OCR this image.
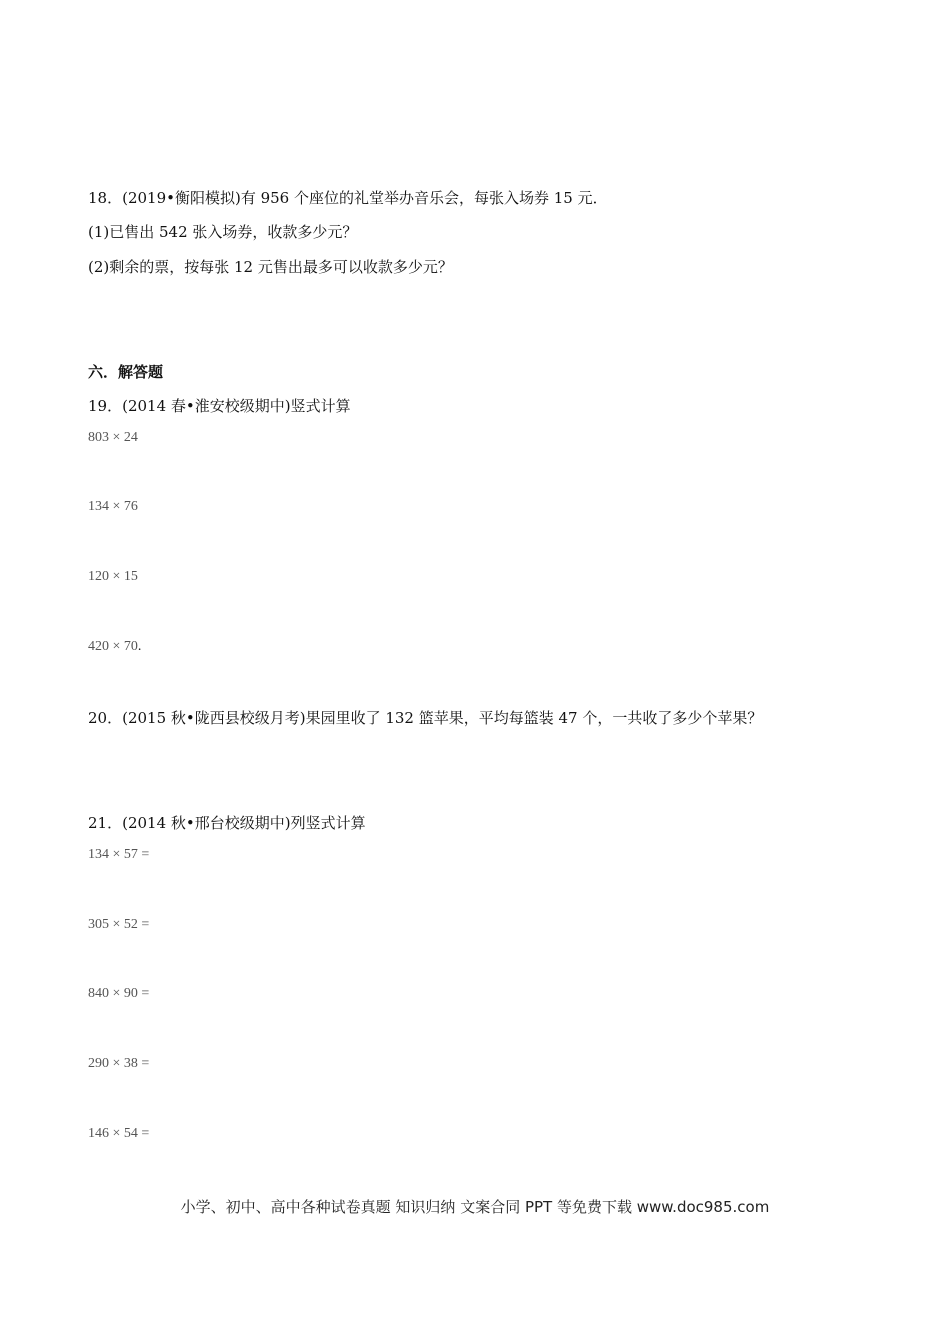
18．(2019•衡阳模拟)有 956 个座位的礼堂举办音乐会，每张入场券 15 元．
(1)已售出 542 张入场券，收款多少元？
(2)剩余的票，按每张 12 元售出最多可以收款多少元？
六．解答题
19．(2014 春•淮安校级期中)竖式计算
803 × 24
134 × 76
120 × 15
420 × 70.
20．(2015 秋•陇西县校级月考)果园里收了 132 篮苹果，平均每篮装 47 个，一共收了多少个苹果？
21．(2014 秋•邢台校级期中)列竖式计算
134 × 57 =
305 × 52 =
840 × 90 =
290 × 38 =
146 × 54 =
小学、初中、高中各种试卷真题 知识归纳 文案合同 PPT 等免费下载 www.doc985.com
